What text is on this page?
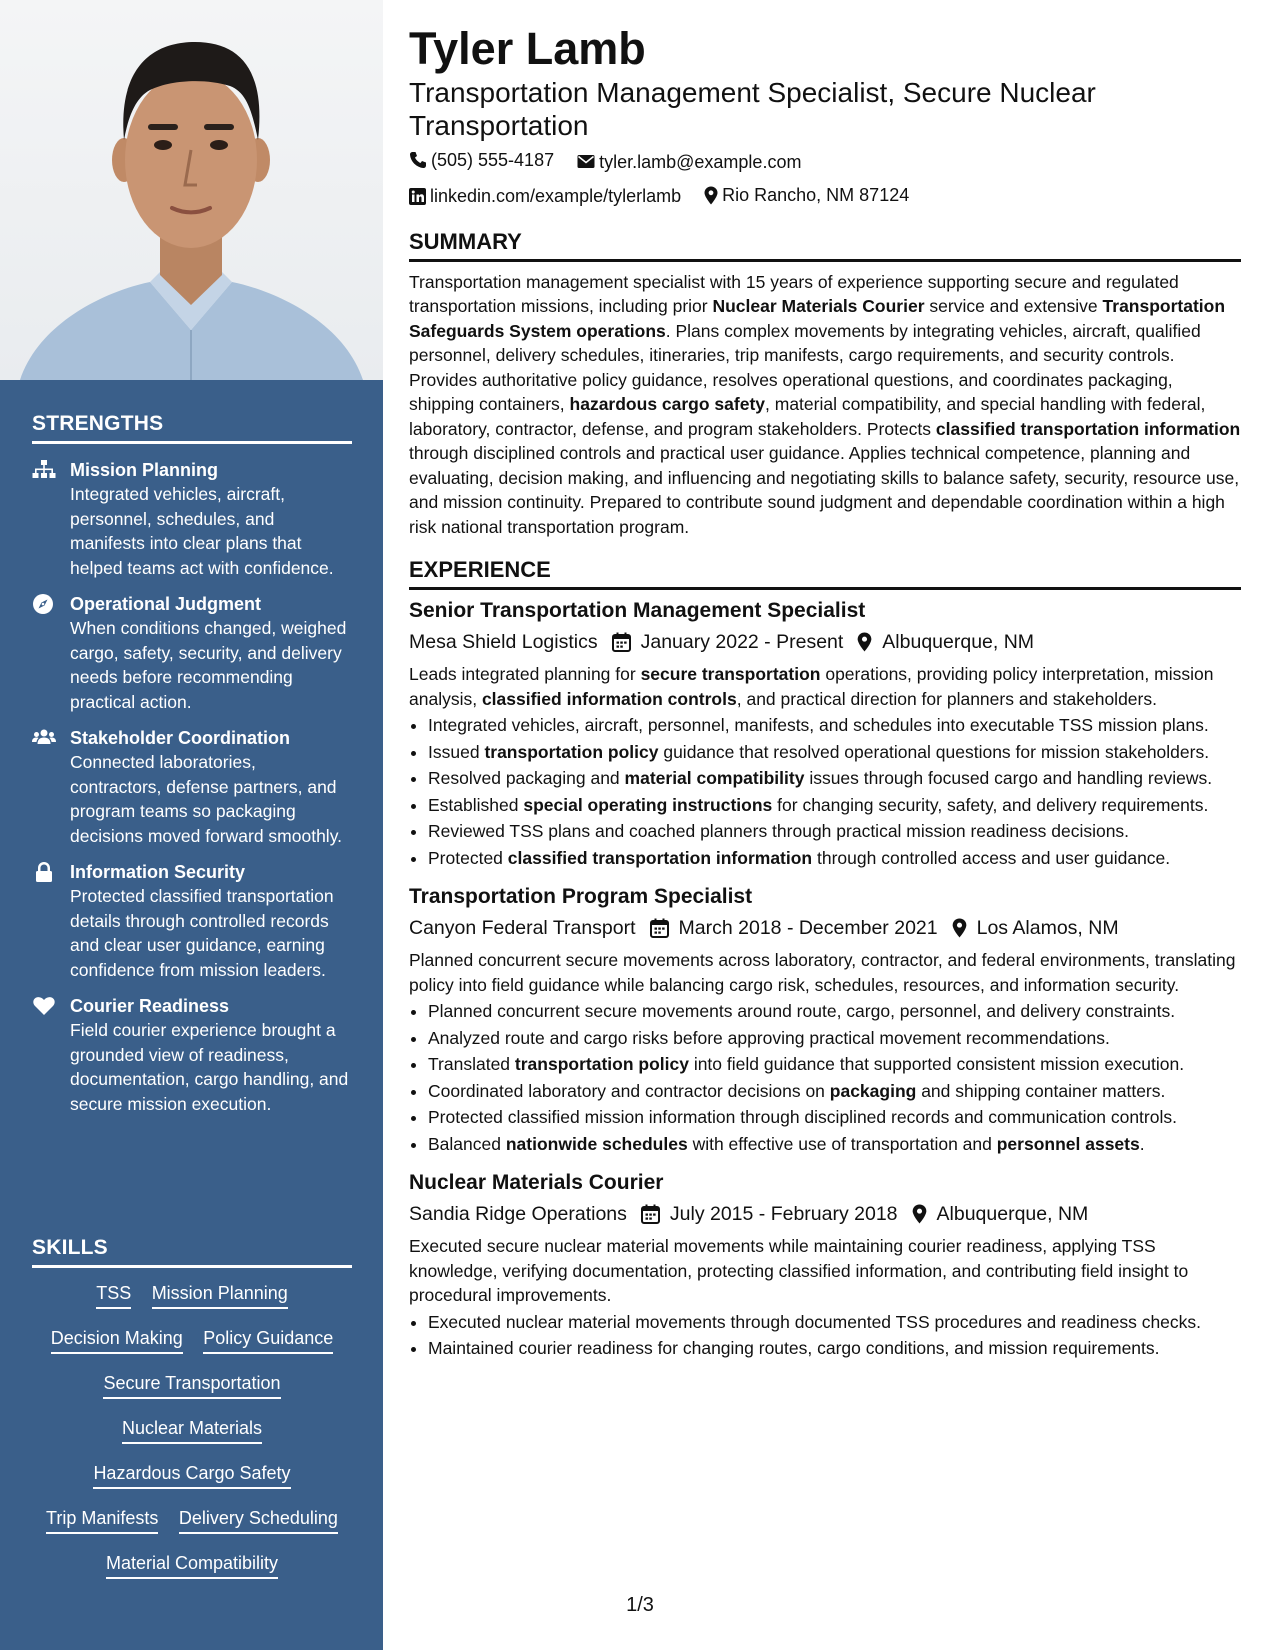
STRENGTHS
Mission Planning
Integrated vehicles, aircraft, personnel, schedules, and manifests into clear plans that helped teams act with confidence.
Operational Judgment
When conditions changed, weighed cargo, safety, security, and delivery needs before recommending practical action.
Stakeholder Coordination
Connected laboratories, contractors, defense partners, and program teams so packaging decisions moved forward smoothly.
Information Security
Protected classified transportation details through controlled records and clear user guidance, earning confidence from mission leaders.
Courier Readiness
Field courier experience brought a grounded view of readiness, documentation, cargo handling, and secure mission execution.
SKILLS
TSS Mission Planning
Decision Making Policy Guidance
Secure Transportation
Nuclear Materials
Hazardous Cargo Safety
Trip Manifests Delivery Scheduling
Material Compatibility
Tyler Lamb

Transportation Management Specialist, Secure Nuclear Transportation

(505) 555-4187
	tyler.lamb@example.com
linkedin.com/example/tylerlamb
Rio Rancho, NM 87124
SUMMARY

Transportation management specialist with 15 years of experience supporting secure and regulated transportation missions, including prior Nuclear Materials Courier service and extensive Transportation Safeguards System operations. Plans complex movements by integrating vehicles, aircraft, qualified personnel, delivery schedules, itineraries, trip manifests, cargo requirements, and security controls. Provides authoritative policy guidance, resolves operational questions, and coordinates packaging, shipping containers, hazardous cargo safety, material compatibility, and special handling with federal, laboratory, contractor, defense, and program stakeholders. Protects classified transportation information through disciplined controls and practical user guidance. Applies technical competence, planning and evaluating, decision making, and influencing and negotiating skills to balance safety, security, resource use, and mission continuity. Prepared to contribute sound judgment and dependable coordination within a high risk national transportation program.

EXPERIENCE
Senior Transportation Management Specialist
Mesa Shield Logistics	January 2022 - Present	Albuquerque, NM

Leads integrated planning for secure transportation operations, providing policy interpretation, mission analysis, classified information controls, and practical direction for planners and stakeholders.

• Integrated vehicles, aircraft, personnel, manifests, and schedules into executable TSS mission plans.
• Issued transportation policy guidance that resolved operational questions for mission stakeholders.
• Resolved packaging and material compatibility issues through focused cargo and handling reviews.
• Established special operating instructions for changing security, safety, and delivery requirements.
• Reviewed TSS plans and coached planners through practical mission readiness decisions.
• Protected classified transportation information through controlled access and user guidance.
Transportation Program Specialist
Canyon Federal Transport	March 2018 - December 2021	Los Alamos, NM

Planned concurrent secure movements across laboratory, contractor, and federal environments, translating policy into field guidance while balancing cargo risk, schedules, resources, and information security.

• Planned concurrent secure movements around route, cargo, personnel, and delivery constraints.
• Analyzed route and cargo risks before approving practical movement recommendations.
• Translated transportation policy into field guidance that supported consistent mission execution.
• Coordinated laboratory and contractor decisions on packaging and shipping container matters.
• Protected classified mission information through disciplined records and communication controls.
• Balanced nationwide schedules with effective use of transportation and personnel assets.
Nuclear Materials Courier
Sandia Ridge Operations	July 2015 - February 2018	Albuquerque, NM

Executed secure nuclear material movements while maintaining courier readiness, applying TSS knowledge, verifying documentation, protecting classified information, and contributing field insight to procedural improvements.

• Executed nuclear material movements through documented TSS procedures and readiness checks.
• Maintained courier readiness for changing routes, cargo conditions, and mission requirements.
1/3
